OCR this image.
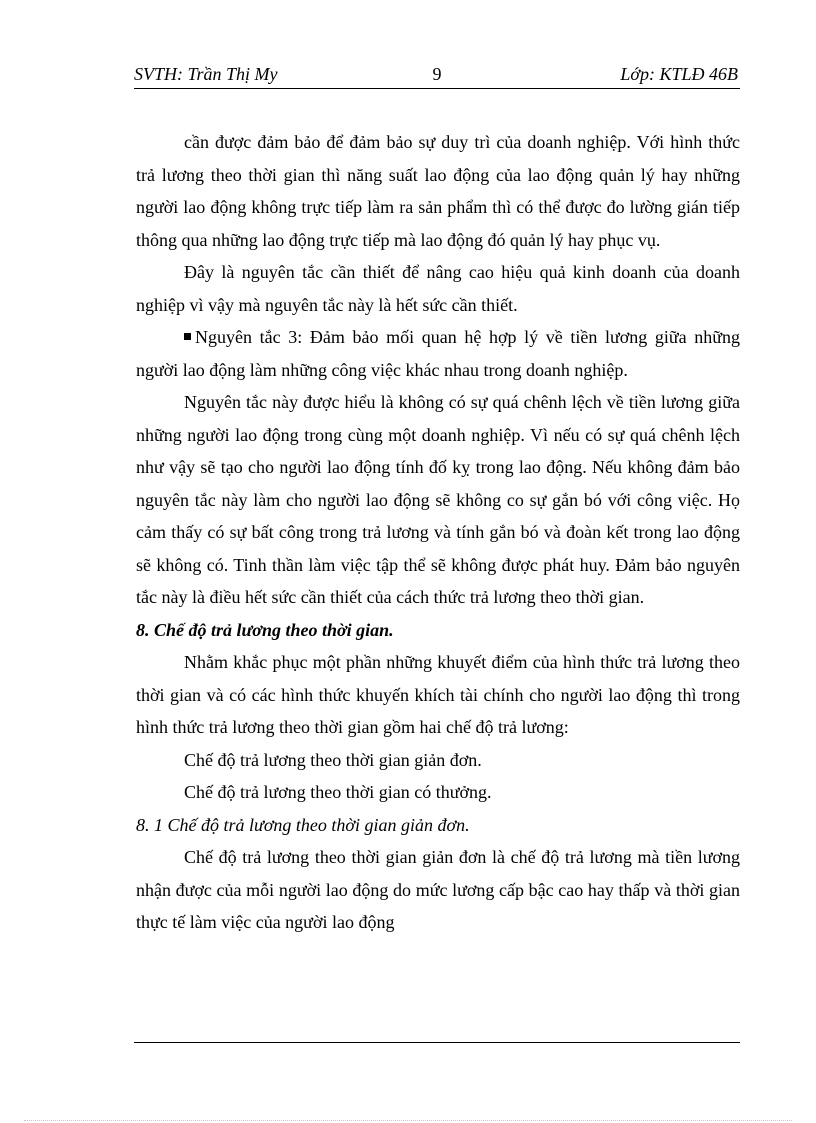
SVTH: Trần Thị My	9	Lớp: KTLĐ 46B

cần được đảm bảo để đảm bảo sự duy trì của doanh nghiệp. Với hình thức trả lương theo thời gian thì năng suất lao động của lao động quản lý hay những người lao động không trực tiếp làm ra sản phẩm thì có thể được đo lường gián tiếp thông qua những lao động trực tiếp mà lao động đó quản lý hay phục vụ.

Đây là nguyên tắc cần thiết để nâng cao hiệu quả kinh doanh của doanh nghiệp vì vậy mà nguyên tắc này là hết sức cần thiết.

Nguyên tắc 3: Đảm bảo mối quan hệ hợp lý về tiền lương giữa những người lao động làm những công việc khác nhau trong doanh nghiệp.

Nguyên tắc này được hiểu là không có sự quá chênh lệch về tiền lương giữa những người lao động trong cùng một doanh nghiệp. Vì nếu có sự quá chênh lệch như vậy sẽ tạo cho người lao động tính đố kỵ trong lao động. Nếu không đảm bảo nguyên tắc này làm cho người lao động sẽ không co sự gắn bó với công việc. Họ cảm thấy có sự bất công trong trả lương và tính gắn bó và đoàn kết trong lao động sẽ không có. Tinh thần làm việc tập thể sẽ không được phát huy. Đảm bảo nguyên tắc này là điều hết sức cần thiết của cách thức trả lương theo thời gian.

8. Chế độ trả lương theo thời gian.

Nhằm khắc phục một phần những khuyết điểm của hình thức trả lương theo thời gian và có các hình thức khuyến khích tài chính cho người lao động thì trong hình thức trả lương theo thời gian gồm hai chế độ trả lương:

Chế độ trả lương theo thời gian giản đơn.

Chế độ trả lương theo thời gian có thưởng.

8. 1 Chế độ trả lương theo thời gian giản đơn.

Chế độ trả lương theo thời gian giản đơn là chế độ trả lương mà tiền lương nhận được của mỗi người lao động do mức lương cấp bậc cao hay thấp và thời gian thực tế làm việc của người lao động
